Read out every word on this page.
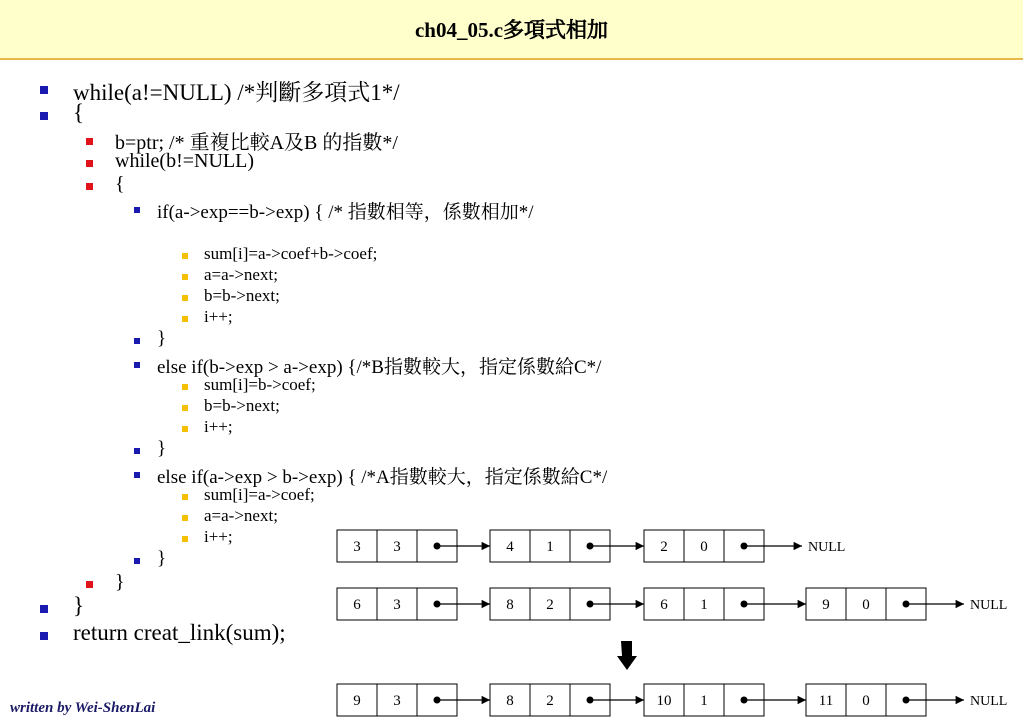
ch04_05.c多項式相加
while(a!=NULL) /*判斷多項式1*/
{
b=ptr; /* 重複比較A及B 的指數*/
while(b!=NULL)
{
if(a->exp==b->exp) { /* 指數相等，係數相加*/
sum[i]=a->coef+b->coef;
a=a->next;
b=b->next;
i++;
}
else if(b->exp > a->exp) {/*B指數較大，指定係數給C*/
sum[i]=b->coef;
b=b->next;
i++;
}
else if(a->exp > b->exp) { /*A指數較大，指定係數給C*/
sum[i]=a->coef;
a=a->next;
i++;
}
}
}
return creat_link(sum);
3 3	4 1	2 0	NULL
6 3	8 2	6 1	9 0	NULL
9 3	8 2	10 1	11 0	NULL
written by Wei-ShenLai
